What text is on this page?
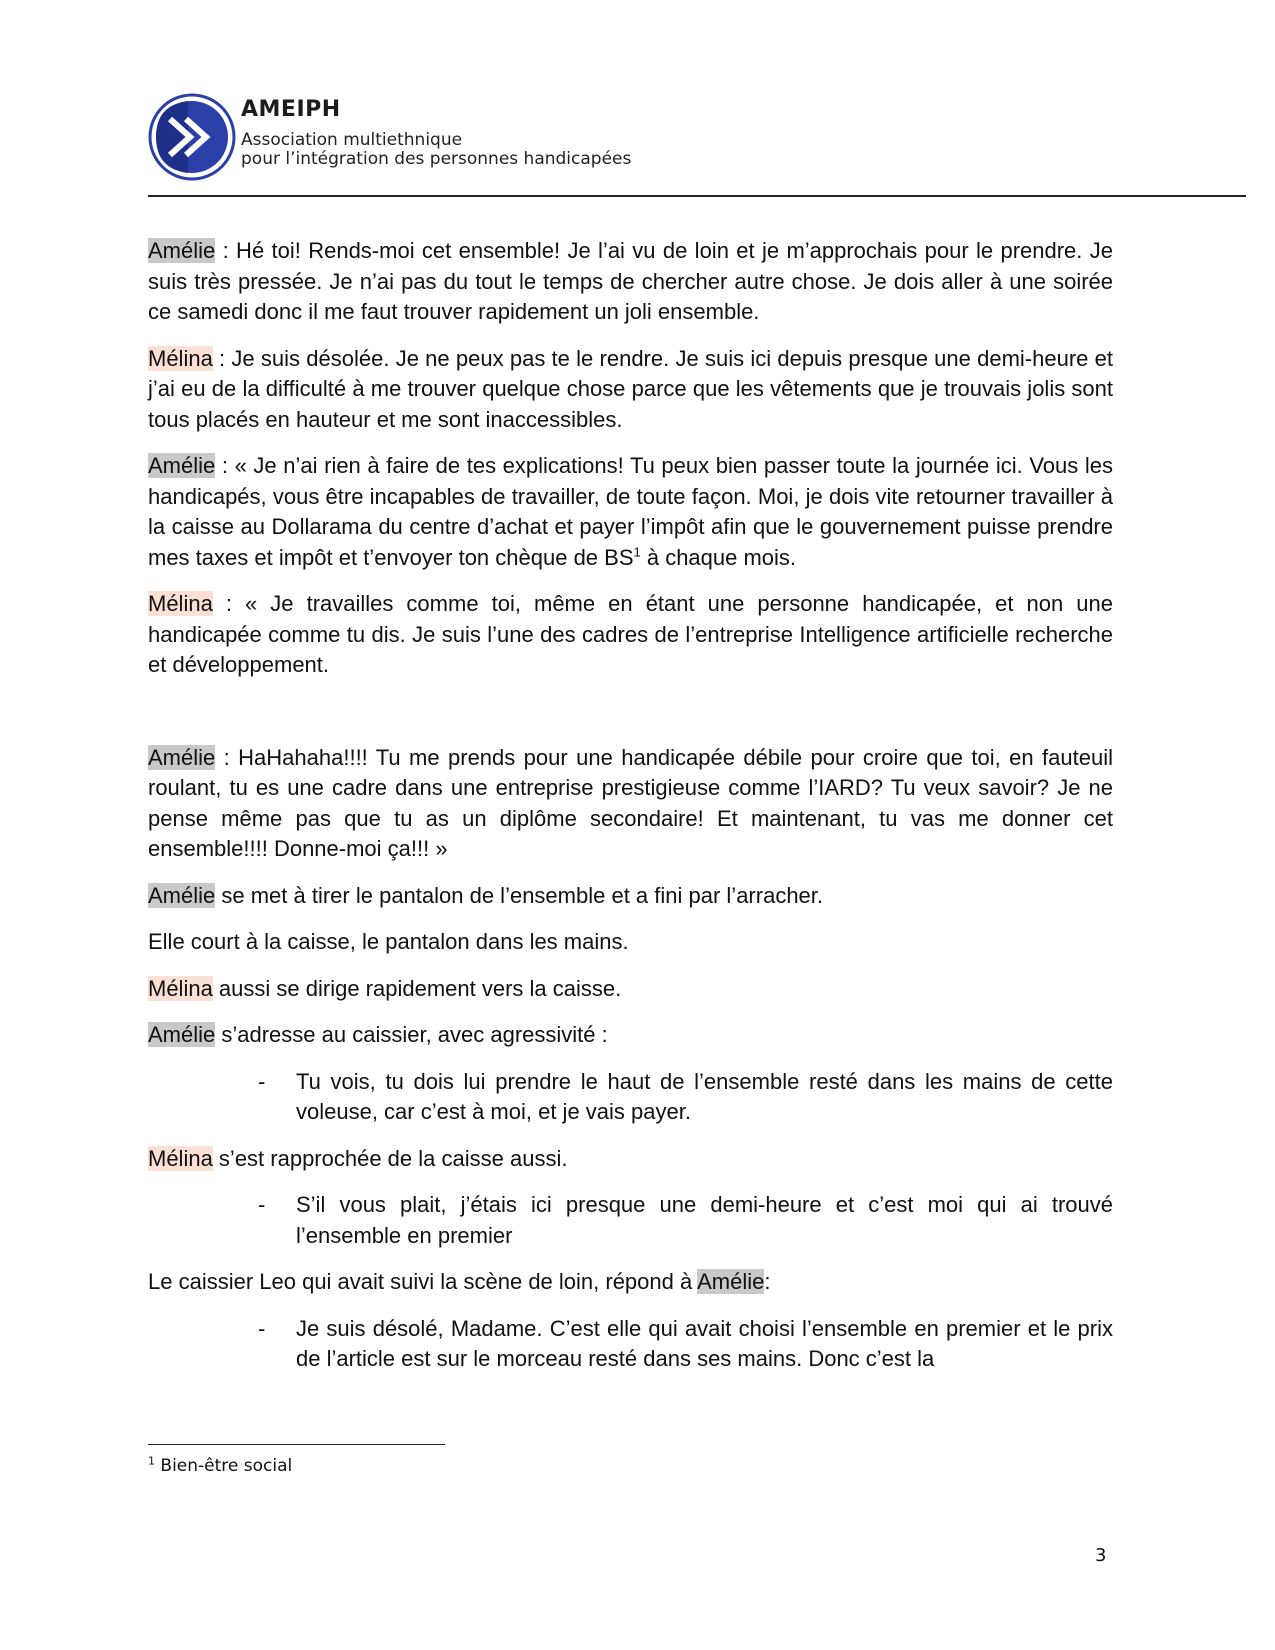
AMEIPH
Association multiethnique
pour l’intégration des personnes handicapées

Amélie : Hé toi! Rends-moi cet ensemble! Je l’ai vu de loin et je m’approchais pour le prendre. Je suis très pressée. Je n’ai pas du tout le temps de chercher autre chose. Je dois aller à une soirée ce samedi donc il me faut trouver rapidement un joli ensemble.

Mélina : Je suis désolée. Je ne peux pas te le rendre. Je suis ici depuis presque une demi-heure et j’ai eu de la difficulté à me trouver quelque chose parce que les vêtements que je trouvais jolis sont tous placés en hauteur et me sont inaccessibles.

Amélie : « Je n’ai rien à faire de tes explications! Tu peux bien passer toute la journée ici. Vous les handicapés, vous être incapables de travailler, de toute façon. Moi, je dois vite retourner travailler à la caisse au Dollarama du centre d’achat et payer l’impôt afin que le gouvernement puisse prendre mes taxes et impôt et t’envoyer ton chèque de $BS^1$ à chaque mois.

Mélina : « Je travailles comme toi, même en étant une personne handicapée, et non une handicapée comme tu dis. Je suis l’une des cadres de l’entreprise Intelligence artificielle recherche et développement.

Amélie : HaHahaha!!!! Tu me prends pour une handicapée débile pour croire que toi, en fauteuil roulant, tu es une cadre dans une entreprise prestigieuse comme l’IARD? Tu veux savoir? Je ne pense même pas que tu as un diplôme secondaire! Et maintenant, tu vas me donner cet ensemble!!!! Donne-moi ça!!! »

Amélie se met à tirer le pantalon de l’ensemble et a fini par l’arracher.

Elle court à la caisse, le pantalon dans les mains.

Mélina aussi se dirige rapidement vers la caisse.

Amélie s’adresse au caissier, avec agressivité :

- Tu vois, tu dois lui prendre le haut de l’ensemble resté dans les mains de cette voleuse, car c’est à moi, et je vais payer.

Mélina s’est rapprochée de la caisse aussi.

- S’il vous plait, j’étais ici presque une demi-heure et c’est moi qui ai trouvé l’ensemble en premier

Le caissier Leo qui avait suivi la scène de loin, répond à Amélie:

- Je suis désolé, Madame. C’est elle qui avait choisi l’ensemble en premier et le prix de l’article est sur le morceau resté dans ses mains. Donc c’est la
$^1$ Bien-être social
3
